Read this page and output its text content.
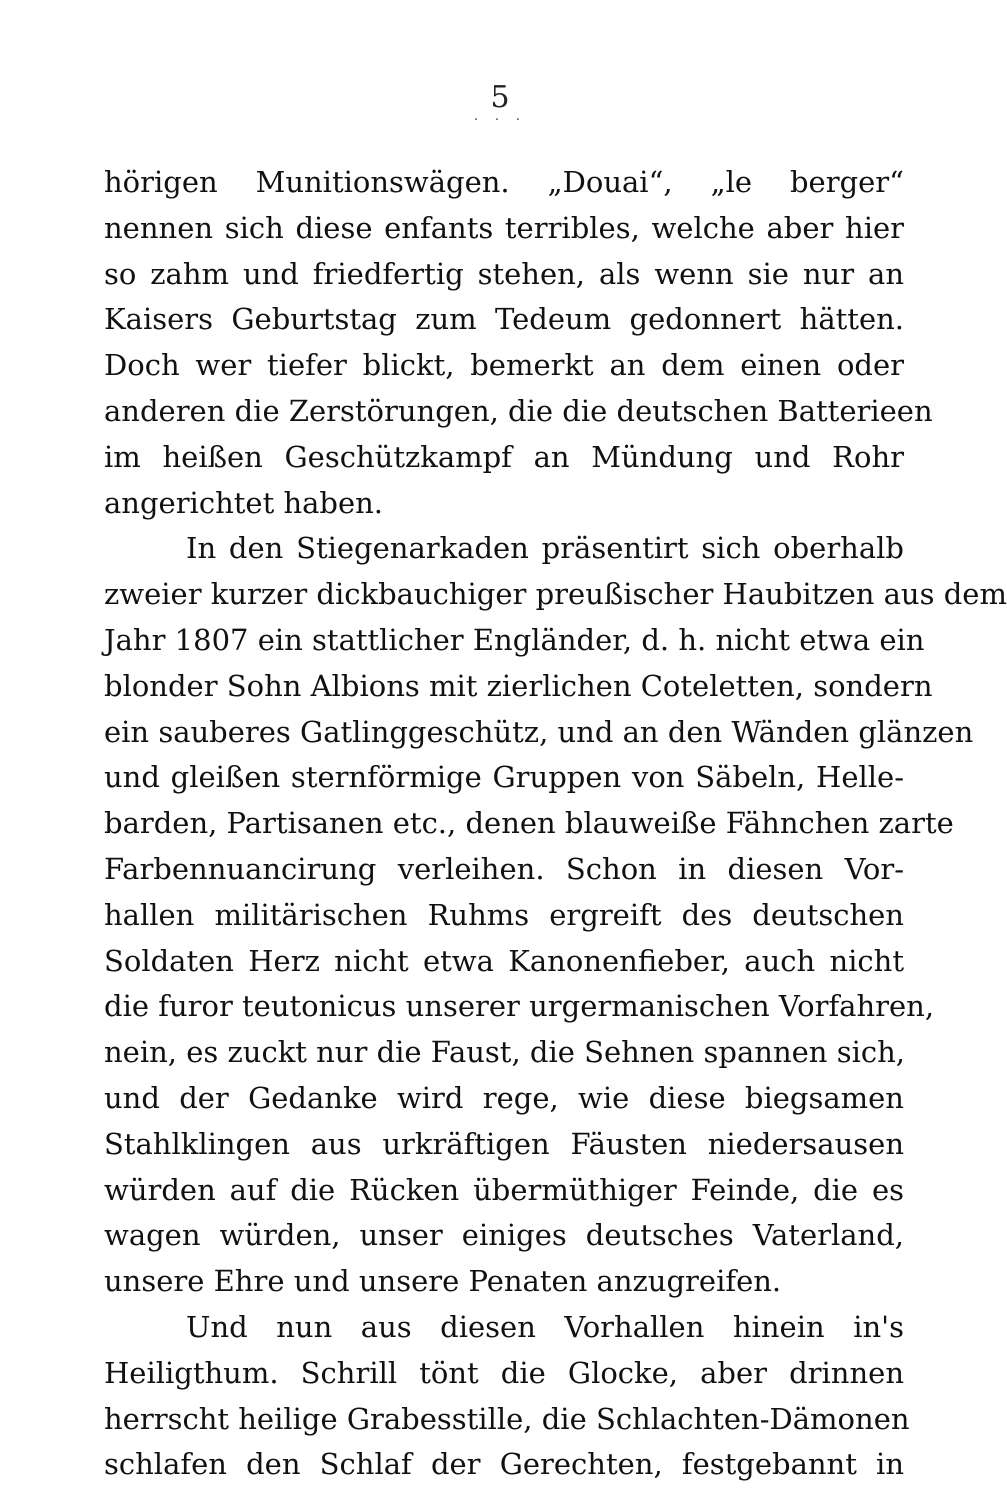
5
. . .
hörigen Munitionswägen. „Douai“, „le berger“
nennen sich diese enfants terribles, welche aber hier
so zahm und friedfertig stehen, als wenn sie nur an
Kaisers Geburtstag zum Tedeum gedonnert hätten.
Doch wer tiefer blickt, bemerkt an dem einen oder
anderen die Zerstörungen, die die deutschen Batterieen
im heißen Geschützkampf an Mündung und Rohr
angerichtet haben.
In den Stiegenarkaden präsentirt sich oberhalb
zweier kurzer dickbauchiger preußischer Haubitzen aus dem
Jahr 1807 ein stattlicher Engländer, d. h. nicht etwa ein
blonder Sohn Albions mit zierlichen Coteletten, sondern
ein sauberes Gatlinggeschütz, und an den Wänden glänzen
und gleißen sternförmige Gruppen von Säbeln, Helle-
barden, Partisanen etc., denen blauweiße Fähnchen zarte
Farbennuancirung verleihen. Schon in diesen Vor-
hallen militärischen Ruhms ergreift des deutschen
Soldaten Herz nicht etwa Kanonenfieber, auch nicht
die furor teutonicus unserer urgermanischen Vorfahren,
nein, es zuckt nur die Faust, die Sehnen spannen sich,
und der Gedanke wird rege, wie diese biegsamen
Stahlklingen aus urkräftigen Fäusten niedersausen
würden auf die Rücken übermüthiger Feinde, die es
wagen würden, unser einiges deutsches Vaterland,
unsere Ehre und unsere Penaten anzugreifen.
Und nun aus diesen Vorhallen hinein in's
Heiligthum. Schrill tönt die Glocke, aber drinnen
herrscht heilige Grabesstille, die Schlachten-Dämonen
schlafen den Schlaf der Gerechten, festgebannt in
